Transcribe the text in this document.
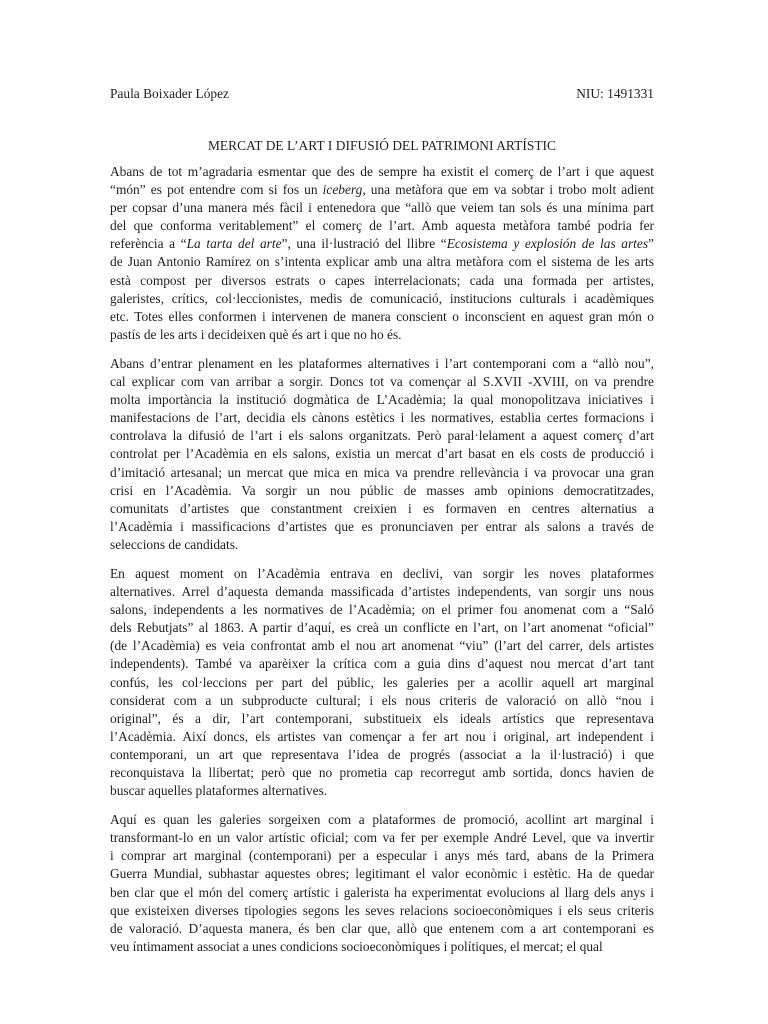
Paula Boixader López	NIU: 1491331
MERCAT DE L’ART I DIFUSIÓ DEL PATRIMONI ARTÍSTIC
Abans de tot m’agradaria esmentar que des de sempre ha existit el comerç de l’art i que aquest
“món” es pot entendre com si fos un iceberg, una metàfora que em va sobtar i trobo molt adient
per copsar d’una manera més fàcil i entenedora que “allò que veiem tan sols és una mínima part
del que conforma veritablement” el comerç de l’art. Amb aquesta metàfora també podria fer
referència a “La tarta del arte”, una il·lustració del llibre “Ecosistema y explosión de las artes”
de Juan Antonio Ramírez on s’intenta explicar amb una altra metàfora com el sistema de les arts
està compost per diversos estrats o capes interrelacionats; cada una formada per artistes,
galeristes, crítics, col·leccionistes, medis de comunicació, institucions culturals i acadèmiques
etc. Totes elles conformen i intervenen de manera conscient o inconscient en aquest gran món o
pastís de les arts i decideixen què és art i que no ho és.
Abans d’entrar plenament en les plataformes alternatives i l’art contemporani com a “allò nou”,
cal explicar com van arribar a sorgir. Doncs tot va començar al S.XVII -XVIII, on va prendre
molta importància la institució dogmàtica de L’Acadèmia; la qual monopolitzava iniciatives i
manifestacions de l’art, decidia els cànons estètics i les normatives, establia certes formacions i
controlava la difusió de l’art i els salons organitzats. Però paral·lelament a aquest comerç d’art
controlat per l’Acadèmia en els salons, existia un mercat d’art basat en els costs de producció i
d’imitació artesanal; un mercat que mica en mica va prendre rellevància i va provocar una gran
crisi en l’Acadèmia. Va sorgir un nou públic de masses amb opinions democratitzades,
comunitats d’artistes que constantment creixien i es formaven en centres alternatius a
l’Acadèmia i massificacions d’artistes que es pronunciaven per entrar als salons a través de
seleccions de candidats.
En aquest moment on l’Acadèmia entrava en declivi, van sorgir les noves plataformes
alternatives. Arrel d’aquesta demanda massificada d’artistes independents, van sorgir uns nous
salons, independents a les normatives de l’Acadèmia; on el primer fou anomenat com a “Saló
dels Rebutjats” al 1863. A partir d’aquí, es creà un conflicte en l’art, on l’art anomenat “oficial”
(de l’Acadèmia) es veia confrontat amb el nou art anomenat “viu” (l’art del carrer, dels artistes
independents). També va aparèixer la crítica com a guia dins d’aquest nou mercat d’art tant
confús, les col·leccions per part del públic, les galeries per a acollir aquell art marginal
considerat com a un subproducte cultural; i els nous criteris de valoració on allò “nou i
original”, és a dir, l’art contemporani, substitueix els ideals artístics que representava
l’Acadèmia. Així doncs, els artistes van començar a fer art nou i original, art independent i
contemporani, un art que representava l’idea de progrés (associat a la il·lustració) i que
reconquistava la llibertat; però que no prometia cap recorregut amb sortida, doncs havien de
buscar aquelles plataformes alternatives.
Aquí es quan les galeries sorgeixen com a plataformes de promoció, acollint art marginal i
transformant-lo en un valor artístic oficial; com va fer per exemple André Level, que va invertir
i comprar art marginal (contemporani) per a especular i anys més tard, abans de la Primera
Guerra Mundial, subhastar aquestes obres; legitimant el valor econòmic i estètic. Ha de quedar
ben clar que el món del comerç artístic i galerista ha experimentat evolucions al llarg dels anys i
que existeixen diverses tipologies segons les seves relacions socioeconòmiques i els seus criteris
de valoració. D’aquesta manera, és ben clar que, allò que entenem com a art contemporani es
veu íntimament associat a unes condicions socioeconòmiques i polítiques, el mercat; el qual
